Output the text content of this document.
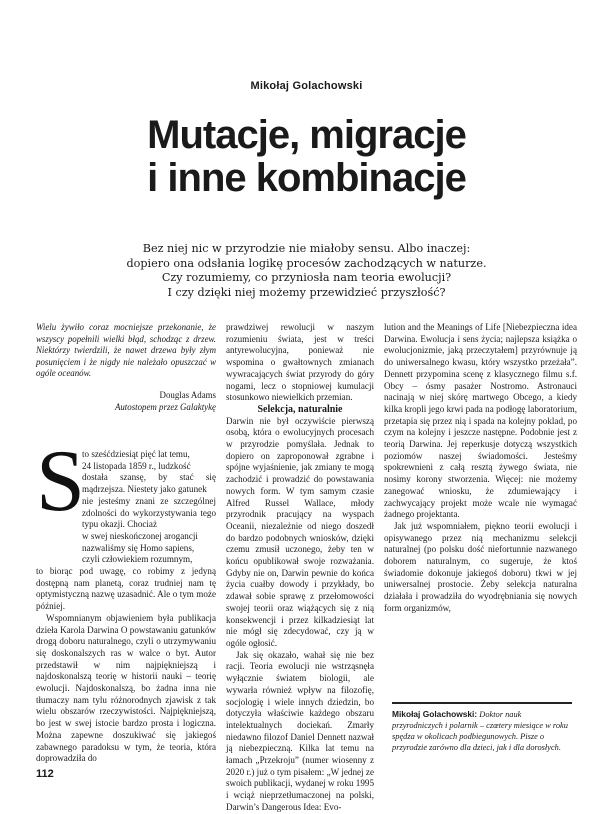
Mikołaj Golachowski
Mutacje, migracje
i inne kombinacje
Bez niej nic w przyrodzie nie miałoby sensu. Albo inaczej:
dopiero ona odsłania logikę procesów zachodzących w naturze.
Czy rozumiemy, co przyniosła nam teoria ewolucji?
I czy dzięki niej możemy przewidzieć przyszłość?
Wielu żywiło coraz mocniejsze przekonanie, że wszyscy popełnili wielki błąd, schodząc z drzew. Niektórzy twierdzili, że nawet drzewa były złym posunięciem i że nigdy nie należało opuszczać w ogóle oceanów.
Douglas Adams
Autostopem przez Galaktykę
S
to sześćdziesiąt pięć lat temu,
24 listopada 1859 r., ludzkość
dostała szansę, by stać się mądrzejsza. Niestety jako gatunek
nie jesteśmy znani ze szczególnej zdolności do wykorzystywania tego typu okazji. Chociaż
w swej nieskończonej arogancji
nazwaliśmy się Homo sapiens,
czyli człowiekiem rozumnym,

to biorąc pod uwagę, co robimy z jedyną dostępną nam planetą, coraz trudniej nam tę optymistyczną nazwę uzasadnić. Ale o tym może później.

Wspomnianym objawieniem była publikacja dzieła Karola Darwina O powstawaniu gatunków drogą doboru naturalnego, czyli o utrzymywaniu się doskonalszych ras w walce o byt. Autor przedstawił w nim najpiękniejszą i najdoskonalszą teorię w historii nauki – teorię ewolucji. Najdoskonalszą, bo żadna inna nie tłumaczy nam tylu różnorodnych zjawisk z tak wielu obszarów rzeczywistości. Najpiękniejszą, bo jest w swej istocie bardzo prosta i logiczna. Można zapewne doszukiwać się jakiegoś zabawnego paradoksu w tym, że teoria, która doprowadziła do

prawdziwej rewolucji w naszym rozumieniu świata, jest w treści antyrewolucyjna, ponieważ nie wspomina o gwałtownych zmianach wywracających świat przyrody do góry nogami, lecz o stopniowej kumulacji stosunkowo niewielkich przemian.

Selekcja, naturalnie

Darwin nie był oczywiście pierwszą osobą, która o ewolucyjnych procesach w przyrodzie pomyślała. Jednak to dopiero on zaproponował zgrabne i spójne wyjaśnienie, jak zmiany te mogą zachodzić i prowadzić do powstawania nowych form. W tym samym czasie Alfred Russel Wallace, młody przyrodnik pracujący na wyspach Oceanii, niezależnie od niego doszedł do bardzo podobnych wniosków, dzięki czemu zmusił uczonego, żeby ten w końcu opublikował swoje rozważania. Gdyby nie on, Darwin pewnie do końca życia cuałby dowody i przykłady, bo zdawał sobie sprawę z przełomowości swojej teorii oraz wiążących się z nią konsekwencji i przez kilkadziesiąt lat nie mógł się zdecydować, czy ją w ogóle ogłosić.

Jak się okazało, wahał się nie bez racji. Teoria ewolucji nie wstrząsnęła wyłącznie światem biologii, ale wywarła również wpływ na filozofię, socjologię i wiele innych dziedzin, bo dotyczyła właściwie każdego obszaru intelektualnych dociekań. Zmarły niedawno filozof Daniel Dennett nazwał ją niebezpieczną. Kilka lat temu na łamach „Przekroju” (numer wiosenny z 2020 r.) już o tym pisałem: „W jednej ze swoich publikacji, wydanej w roku 1995 i wciąż nieprzetłumaczonej na polski, Darwin’s Dangerous Idea: Evo-

lution and the Meanings of Life [Niebezpieczna idea Darwina. Ewolucja i sens życia; najlepsza książka o ewolucjonizmie, jaką przeczytałem] przyrównuje ją do uniwersalnego kwasu, który wszystko przeżała”. Dennett przypomina scenę z klasycznego filmu s.f. Obcy – ósmy pasażer Nostromo. Astronauci nacinają w niej skórę martwego Obcego, a kiedy kilka kropli jego krwi pada na podłogę laboratorium, przetapia się przez nią i spada na kolejny poklad, po czym na kolejny i jeszcze następne. Podobnie jest z teorią Darwina. Jej reperkusje dotyczą wszystkich poziomów naszej świadomości. Jesteśmy spokrewnieni z całą resztą żywego świata, nie nosimy korony stworzenia. Więcej: nie możemy zanegować wniosku, że zdumiewający i zachwycający projekt może wcale nie wymagać żadnego projektanta.

Jak już wspomniałem, piękno teorii ewolucji i opisywanego przez nią mechanizmu selekcji naturalnej (po polsku dość niefortunnie nazwanego doborem naturalnym, co sugeruje, że ktoś świadomie dokonuje jakiegoś doboru) tkwi w jej uniwersalnej prostocie. Żeby selekcja naturalna działała i prowadziła do wyodrębniania się nowych form organizmów,

Mikołaj Golachowski: Doktor nauk przyrodniczych i polarnik – czœtery miesiące w roku spędza w okolicach podbiegunowych. Pisze o przyrodzie zarówno dla dzieci, jak i dla dorosłych.
112
